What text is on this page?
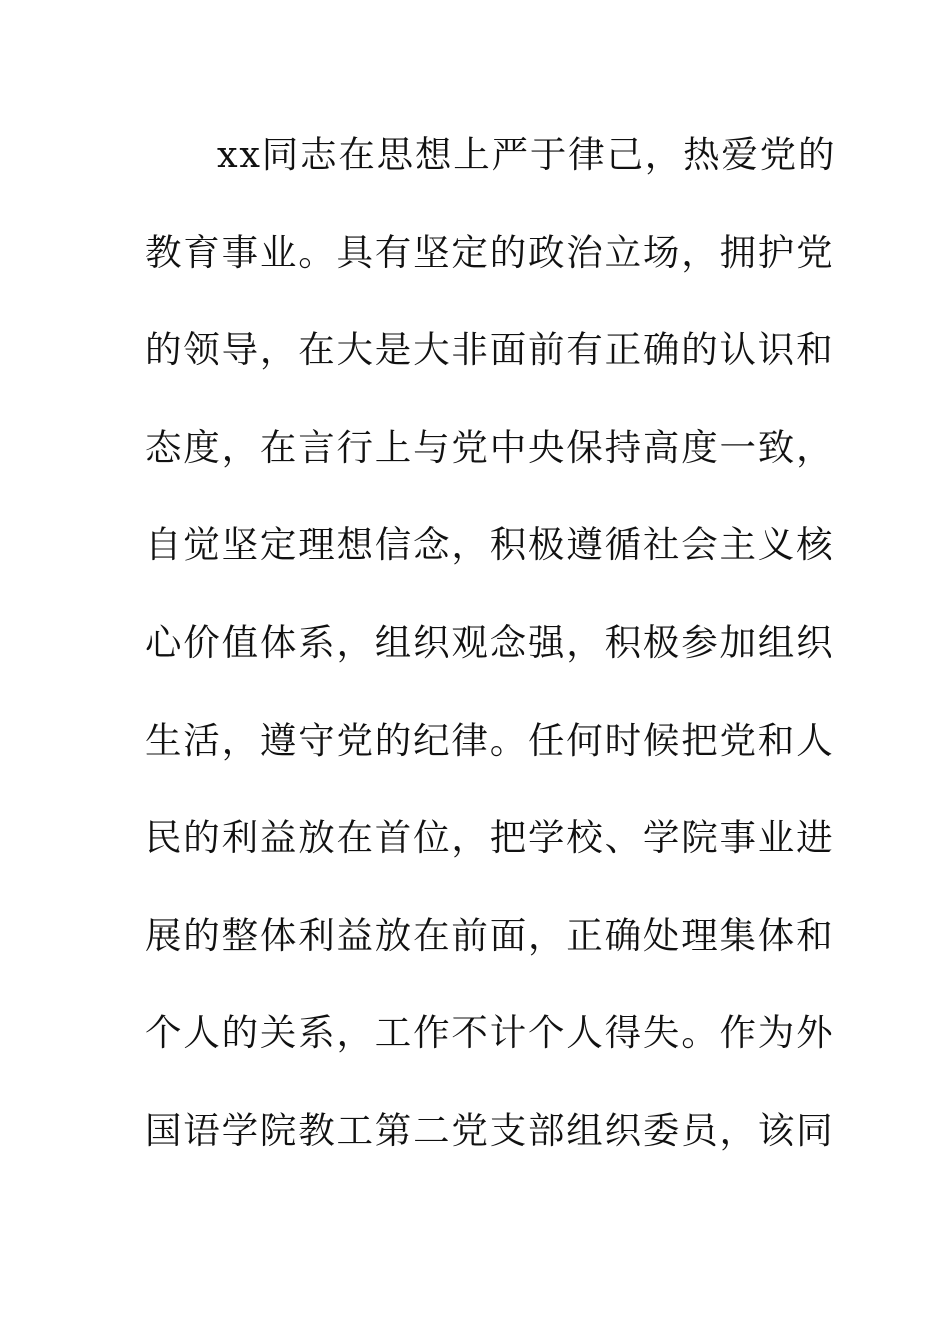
xx同志在思想上严于律己，热爱党的
教育事业。具有坚定的政治立场，拥护党
的领导，在大是大非面前有正确的认识和
态度，在言行上与党中央保持高度一致，
自觉坚定理想信念，积极遵循社会主义核
心价值体系，组织观念强，积极参加组织
生活，遵守党的纪律。任何时候把党和人
民的利益放在首位，把学校、学院事业进
展的整体利益放在前面，正确处理集体和
个人的关系，工作不计个人得失。作为外
国语学院教工第二党支部组织委员，该同
